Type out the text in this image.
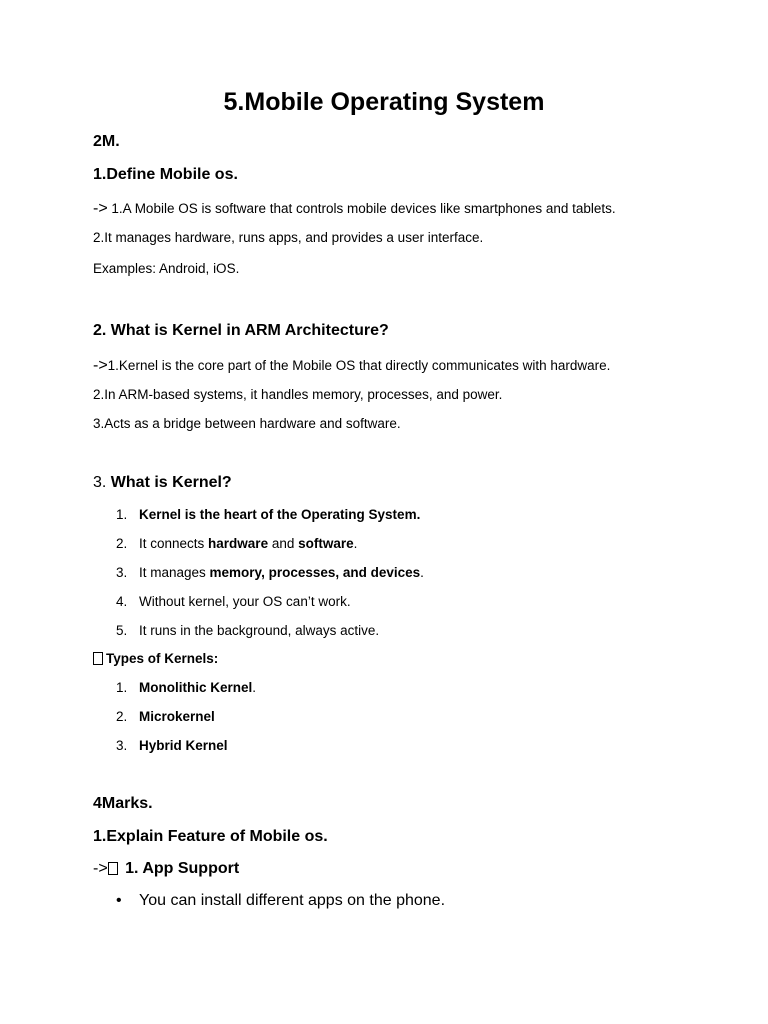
5.Mobile Operating System
2M.
1.Define Mobile os.
-> 1.A Mobile OS is software that controls mobile devices like smartphones and tablets.
2.It manages hardware, runs apps, and provides a user interface.
Examples: Android, iOS.
2. What is Kernel in ARM Architecture?
->1.Kernel is the core part of the Mobile OS that directly communicates with hardware.
2.In ARM-based systems, it handles memory, processes, and power.
3.Acts as a bridge between hardware and software.
3. What is Kernel?
1. Kernel is the heart of the Operating System.
2. It connects hardware and software.
3. It manages memory, processes, and devices.
4. Without kernel, your OS can’t work.
5. It runs in the background, always active.
Types of Kernels:
1. Monolithic Kernel.
2. Microkernel
3. Hybrid Kernel
4Marks.
1.Explain Feature of Mobile os.
-> 1. App Support
• You can install different apps on the phone.
